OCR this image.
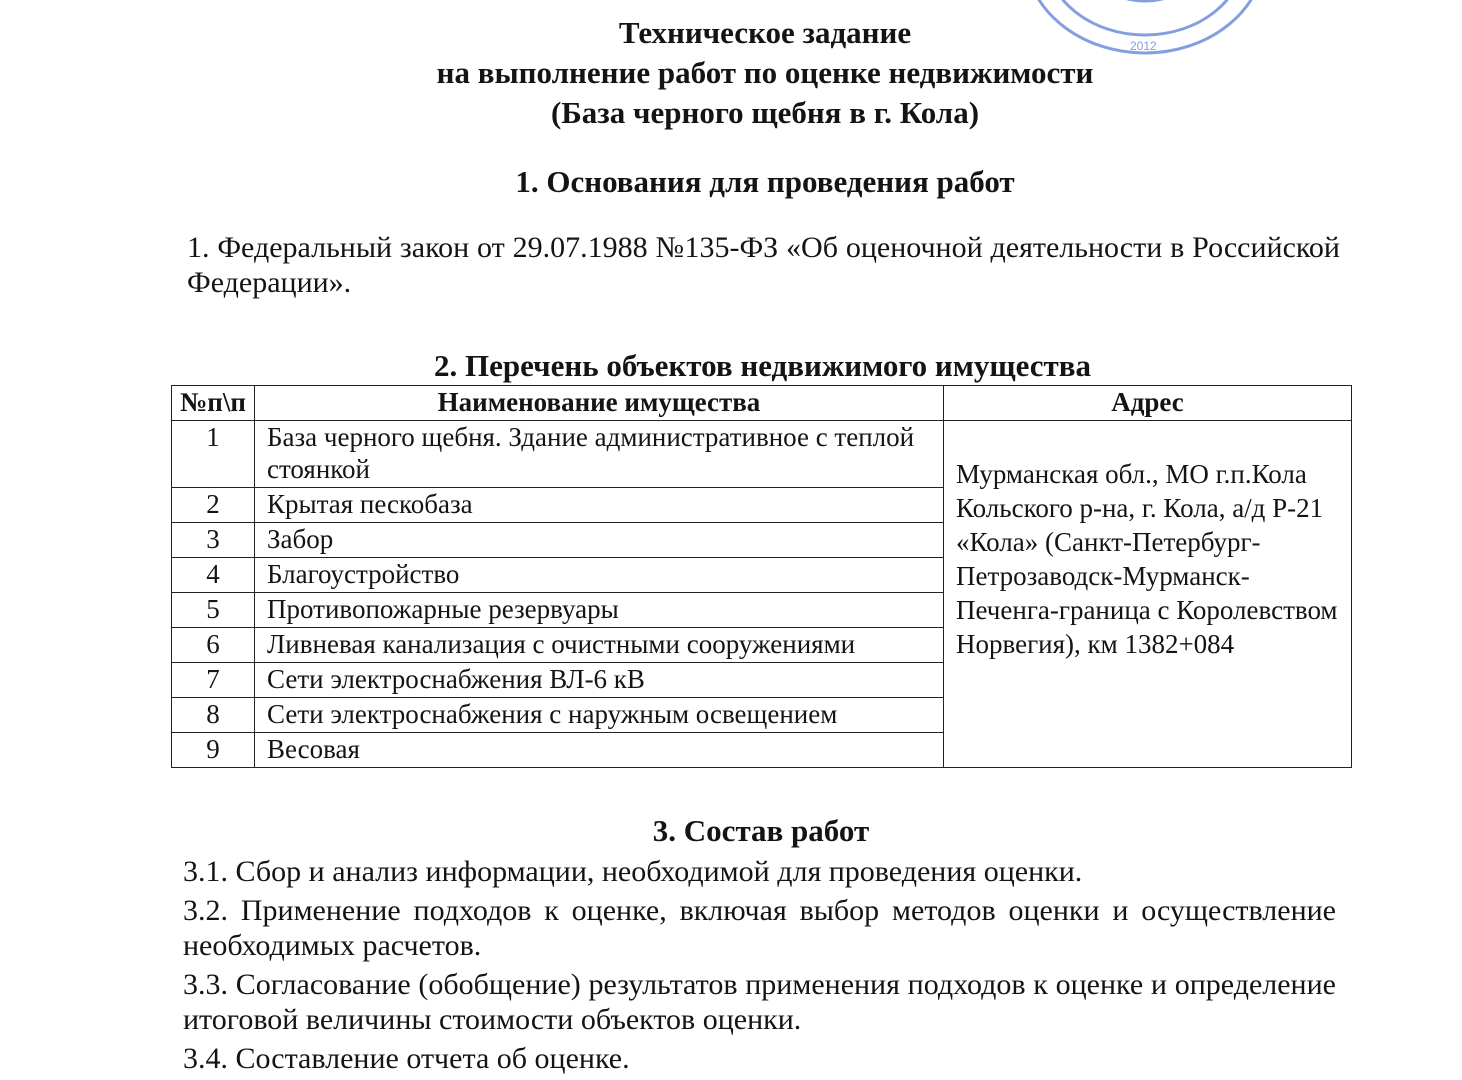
2012
Техническое задание
на выполнение работ по оценке недвижимости
(База черного щебня в г. Кола)
1. Основания для проведения работ
1. Федеральный закон от 29.07.1988 №135-ФЗ «Об оценочной деятельности в Российской Федерации».
2. Перечень объектов недвижимого имущества
№п\п	Наименование имущества	Адрес
1	База черного щебня. Здание административное с теплой стоянкой	Мурманская обл., МО г.п.Кола Кольского р-на, г. Кола, а/д Р-21 «Кола» (Санкт-Петербург-Петрозаводск-Мурманск-Печенга-граница с Королевством Норвегия), км 1382+084
2	Крытая пескобаза	
3	Забор	
4	Благоустройство	
5	Противопожарные резервуары	
6	Ливневая канализация с очистными сооружениями	
7	Сети электроснабжения ВЛ-6 кВ	
8	Сети электроснабжения с наружным освещением	
9	Весовая	
3. Состав работ
3.1. Сбор и анализ информации, необходимой для проведения оценки.
3.2. Применение подходов к оценке, включая выбор методов оценки и осуществление необходимых расчетов.
3.3. Согласование (обобщение) результатов применения подходов к оценке и определение итоговой величины стоимости объектов оценки.
3.4. Составление отчета об оценке.
